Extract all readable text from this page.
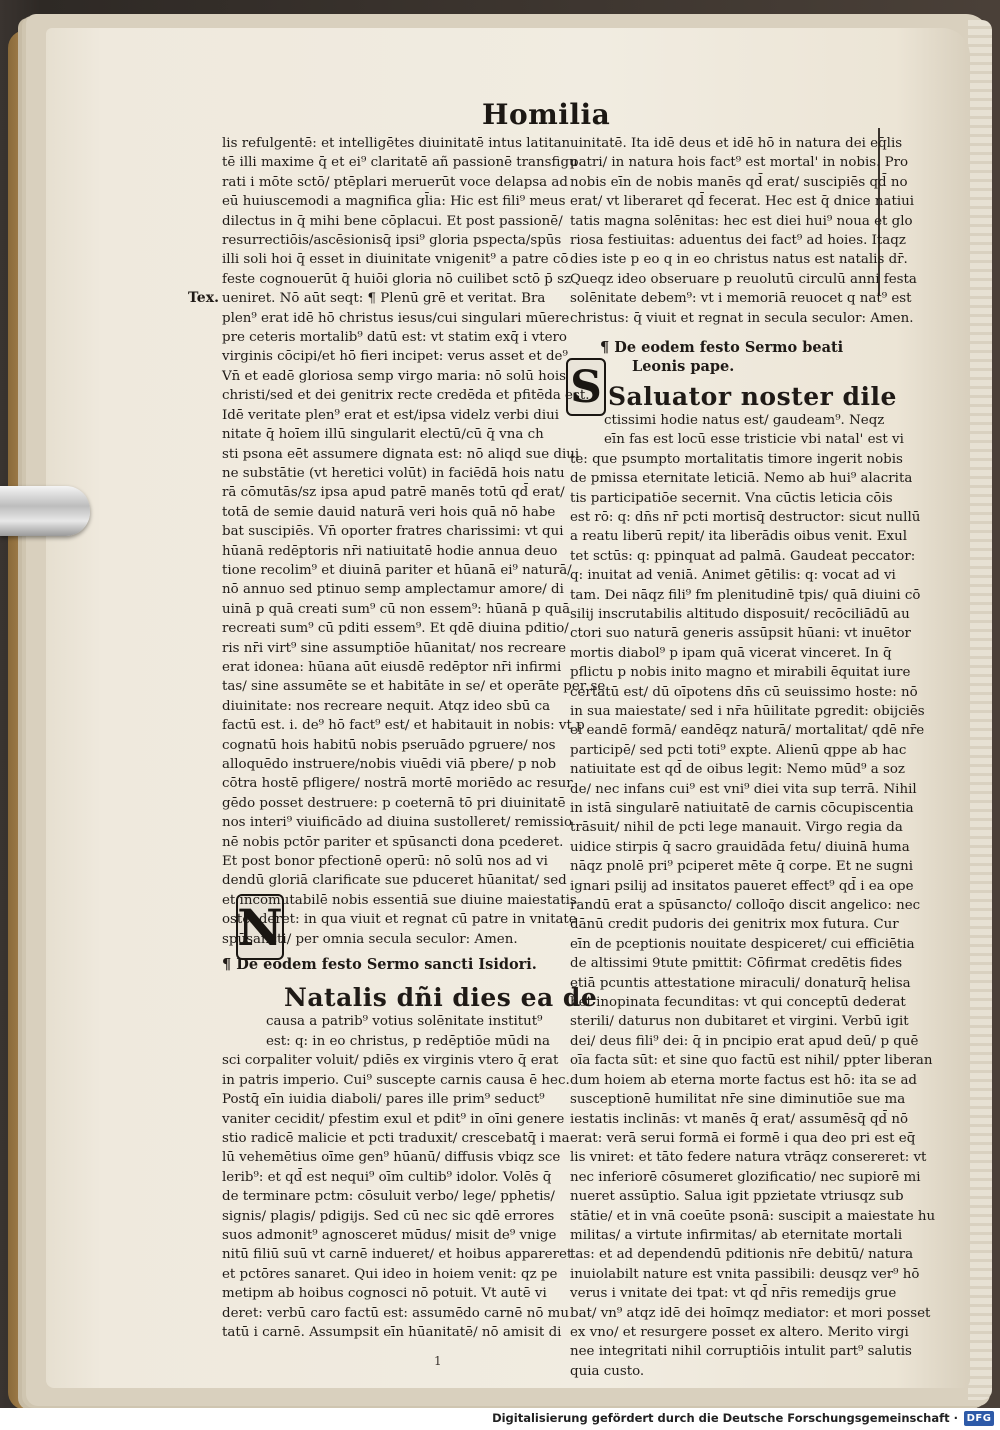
Homilia
Tex.
lis refulgentē: et intelligētes diuinitatē intus latitan
tē illi maxime q̄ et ei⁹ claritatē añ passionē transfigu
rati i mōte sctō/ ptēplari meruerūt voce delapsa ad
eū huiuscemodi a magnifica gl̄ia: Hic est fili⁹ meus
dilectus in q̄ mihi bene cōplacui. Et post passionē/
resurrectiōis/ascēsionisq̄ ipsi⁹ gloria pspecta/spūs
illi soli hoi q̄ esset in diuinitate vnigenit⁹ a patre cō
feste cognouerūt q̄ huiōi gloria nō cuilibet sctō p̄ sz
ueniret. Nō aūt seqt: ¶ Plenū grē et veritat. Bra
plen⁹ erat idē hō christus iesus/cui singulari mūere
pre ceteris mortalib⁹ datū est: vt statim exq̄ i vtero
virginis cōcipi/et hō fieri incipet: verus asset et de⁹.
Vn̄ et eadē gloriosa semp virgo maria: nō solū hois
christi/sed et dei genitrix recte credēda et pfitēda est.
Idē veritate plen⁹ erat et est/ipsa videlz verbi diui
nitate q̄ hoīem illū singularit electū/cū q̄ vna ch
sti psona eēt assumere dignata est: nō aliqd sue diui
ne substātie (vt heretici volūt) in faciēdā hois natu
rā cōmutās/sz ipsa apud patrē manēs totū qd̄ erat/
totā de semie dauid naturā veri hois quā nō habe
bat suscipiēs. Vn̄ oporter fratres charissimi: vt qui
hūanā redēptoris nr̄i natiuitatē hodie annua deuo
tione recolim⁹ et diuinā pariter et hūanā ei⁹ naturā/
nō annuo sed ptinuo semp amplectamur amore/ di
uinā p quā creati sum⁹ cū non essem⁹: hūanā p quā
recreati sum⁹ cū pditi essem⁹. Et qdē diuina pditio/
ris nr̄i virt⁹ sine assumptiōe hūanitat/ nos recreare
erat idonea: hūana aūt eiusdē redēptor nr̄i infirmi
tas/ sine assumēte se et habitāte in se/ et operāte per se
diuinitate: nos recreare nequit. Atqz ideo sbū ca
factū est. i. de⁹ hō fact⁹ est/ et habitauit in nobis: vt p
cognatū hois habitū nobis pseruādo pgruere/ nos
alloquēdo instruere/nobis viuēdi viā pbere/ p nob
cōtra hostē pfligere/ nostrā mortē moriēdo ac resur
gēdo posset destruere: p coeternā tō pri diuinitatē
nos interi⁹ viuificādo ad diuina sustolleret/ remissio
nē nobis pctōr pariter et spūsancti dona pcederet.
Et post bonor pfectionē operū: nō solū nos ad vi
dendū gloriā clarificate sue pduceret hūanitat/ sed
et incōmutabilē nobis essentiā sue diuine maiestatis
ostenderet: in qua viuit et regnat cū patre in vnitate
spūsancti/ per omnia secula seculor: Amen.
¶ De eodem festo Sermo sancti Isidori.
Natalis dñi dies ea de
causa a patrib⁹ votius solēnitate institut⁹
est: q: in eo christus, p redēptiōe mūdi na
sci corpaliter voluit/ pdiēs ex virginis vtero q̄ erat
in patris imperio. Cui⁹ suscepte carnis causa ē hec.
Postq̄ eīn iuidia diaboli/ pares ille prim⁹ seduct⁹
vaniter cecidit/ pfestim exul et pdit⁹ in oīni genere
stio radicē malicie et pcti traduxit/ crescebatq̄ i ma
lū vehemētius oīme gen⁹ hūanū/ diffusis vbiqz sce
lerib⁹: et qd̄ est nequi⁹ oīm cultib⁹ idolor. Volēs q̄
de terminare pctm: cōsuluit verbo/ lege/ pphetis/
signis/ plagis/ pdigijs. Sed cū nec sic qdē errores
suos admonit⁹ agnosceret mūdus/ misit de⁹ vnige
nitū filiū suū vt carnē indueret/ et hoibus appareret
et pctōres sanaret. Qui ideo in hoiem venit: qz pe
metipm ab hoibus cognosci nō potuit. Vt autē vi
deret: verbū caro factū est: assumēdo carnē nō mu
tatū i carnē. Assumpsit eīn hūanitatē/ nō amisit di
N
uinitatē. Ita idē deus et idē hō in natura dei eq̄lis
patri/ in natura hois fact⁹ est mortal' in nobis. Pro
nobis eīn de nobis manēs qd̄ erat/ suscipiēs qd̄ no
erat/ vt liberaret qd̄ fecerat. Hec est q̄ dnice natiui
tatis magna solēnitas: hec est diei hui⁹ noua et glo
riosa festiuitas: aduentus dei fact⁹ ad hoies. Itaqz
dies iste p eo q in eo christus natus est natalis dr̄.
Queqz ideo obseruare p reuolutū circulū anni festa
solēnitate debem⁹: vt i memoriā reuocet q nat⁹ est
christus: q̄ viuit et regnat in secula seculor: Amen.
¶ De eodem festo Sermo beati
Leonis pape.
Saluator noster dile
ctissimi hodie natus est/ gaudeam⁹. Neqz
eīn fas est locū esse tristicie vbi natal' est vi
te: que psumpto mortalitatis timore ingerit nobis
de pmissa eternitate leticiā. Nemo ab hui⁹ alacrita
tis participatiōe secernit. Vna cūctis leticia cōis
est rō: q: dn̄s nr̄ pcti mortisq̄ destructor: sicut nullū
a reatu liberū repit/ ita liberādis oibus venit. Exul
tet sctūs: q: ppinquat ad palmā. Gaudeat peccator:
q: inuitat ad veniā. Animet gētilis: q: vocat ad vi
tam. Dei nāqz fili⁹ fm plenitudinē tpis/ quā diuini cō
silij inscrutabilis altitudo disposuit/ recōciliādū au
ctori suo naturā generis assūpsit hūani: vt inuētor
mortis diabol⁹ p ipam quā vicerat vinceret. In q̄
pflictu p nobis inito magno et mirabili ēquitat iure
certatū est/ dū oīpotens dn̄s cū seuissimo hoste: nō
in sua maiestate/ sed i nr̄a hūilitate pgredit: obijciēs
ei eandē formā/ eandēqz naturā/ mortalitat/ qdē nr̄e
participē/ sed pcti toti⁹ expte. Alienū qppe ab hac
natiuitate est qd̄ de oibus legit: Nemo mūd⁹ a soz
de/ nec infans cui⁹ est vni⁹ diei vita sup terrā. Nihil
in istā singularē natiuitatē de carnis cōcupiscentia
trāsuit/ nihil de pcti lege manauit. Virgo regia da
uidice stirpis q̄ sacro grauidāda fetu/ diuinā huma
nāqz pnolē pri⁹ pciperet mēte q̄ corpe. Et ne sugni
ignari psilij ad insitatos paueret effect⁹ qd̄ i ea ope
randū erat a spūsancto/ colloq̄o discit angelico: nec
dānū credit pudoris dei genitrix mox futura. Cur
eīn de pceptionis nouitate despiceret/ cui efficiētia
de altissimi 9tute pmittit: Cōfirmat credētis fides
etiā pcuntis attestatione miraculi/ donaturq̄ helisa
bet inopinata fecunditas: vt qui conceptū dederat
sterili/ daturus non dubitaret et virgini. Verbū igit
dei/ deus fili⁹ dei: q̄ in pncipio erat apud deū/ p quē
oīa facta sūt: et sine quo factū est nihil/ ppter liberan
dum hoiem ab eterna morte factus est hō: ita se ad
susceptionē humilitat nr̄e sine diminutiōe sue ma
iestatis inclinās: vt manēs q̄ erat/ assumēsq̄ qd̄ nō
erat: verā serui formā ei formē i qua deo pri est eq̄
lis vniret: et tāto federe natura vtrāqz consereret: vt
nec inferiorē cōsumeret glozificatio/ nec supiorē mi
nueret assūptio. Salua igit ppzietate vtriusqz sub
stātie/ et in vnā coeūte psonā: suscipit a maiestate hu
militas/ a virtute infirmitas/ ab eternitate mortali
tas: et ad dependendū pditionis nr̄e debitū/ natura
inuiolabilt nature est vnita passibili: deusqz ver⁹ hō
verus i vnitate dei tpat: vt qd̄ nr̄is remedijs grue
bat/ vn⁹ atqz idē dei hoīmqz mediator: et mori posset
ex vno/ et resurgere posset ex altero. Merito virgi
nee integritati nihil corruptiōis intulit part⁹ salutis
quia custo.
S
1
Digitalisierung gefördert durch die Deutsche Forschungsgemeinschaft · DFG
